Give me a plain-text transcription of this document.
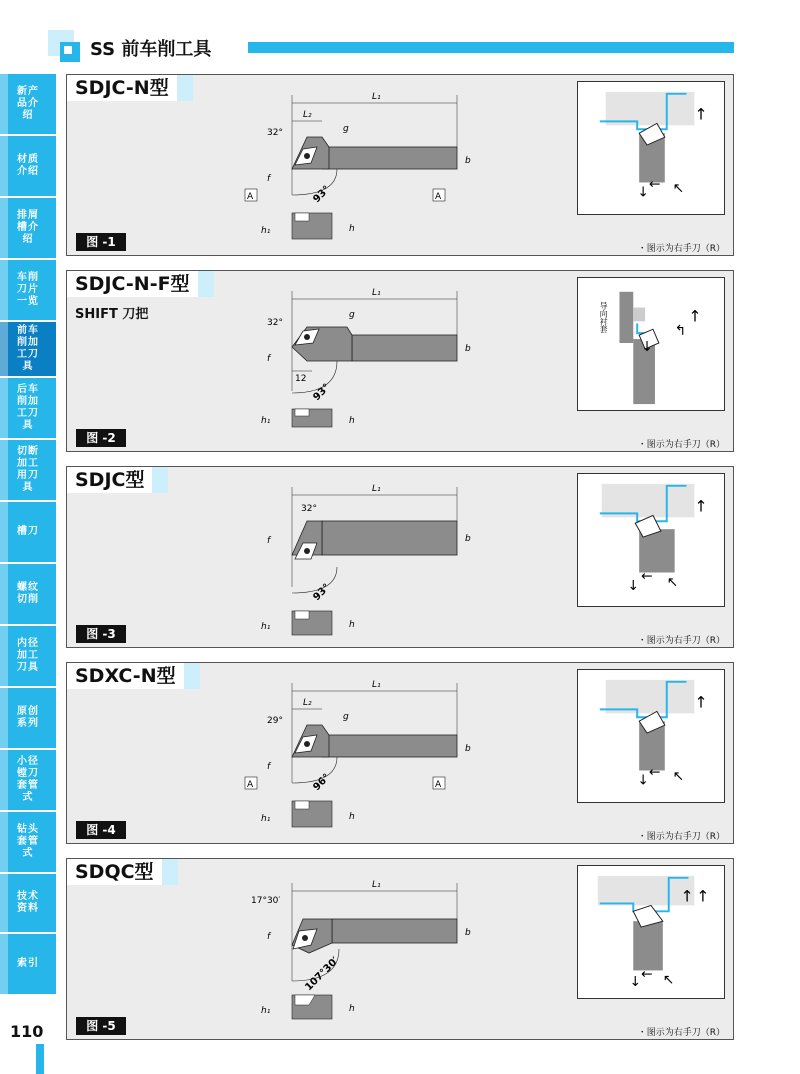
SS 前车削工具
新产品介绍
材质介绍
排屑槽介绍
车削刀片一览
前车削加工刀具
后车削加工刀具
切断加工用刀具
槽刀
螺纹切削
内径加工刀具
原创系列
小径镗刀套管式
钻头套管式
技术资料
索引
110
SDJC-N型	L₁
L₂
g
32°
f
b
93°
A	A
h₁	h
图 -1	・图示为右手刀（R）
↑
↓ ← ↖
SDJC-N-F型
SHIFT 刀把
L₁
g
32°
f
12
b
93°
h₁	h
图 -2	・图示为右手刀（R）
导向衬套	↑
↰
↓
SDJC型	L₁
32°
f	b
93°
h₁	h
图 -3	・图示为右手刀（R）
↑
↓
← ↖
SDXC-N型	L₁
L₂
g
29°
f
b
96°
A	A
h₁	h
图 -4	・图示为右手刀（R）
↑
↓ ← ↖
SDQC型
L₁
17°30′
f	b
107°30′
h₁	h
图 -5	・图示为右手刀（R）
↑ ↑
↓ ← ↖
